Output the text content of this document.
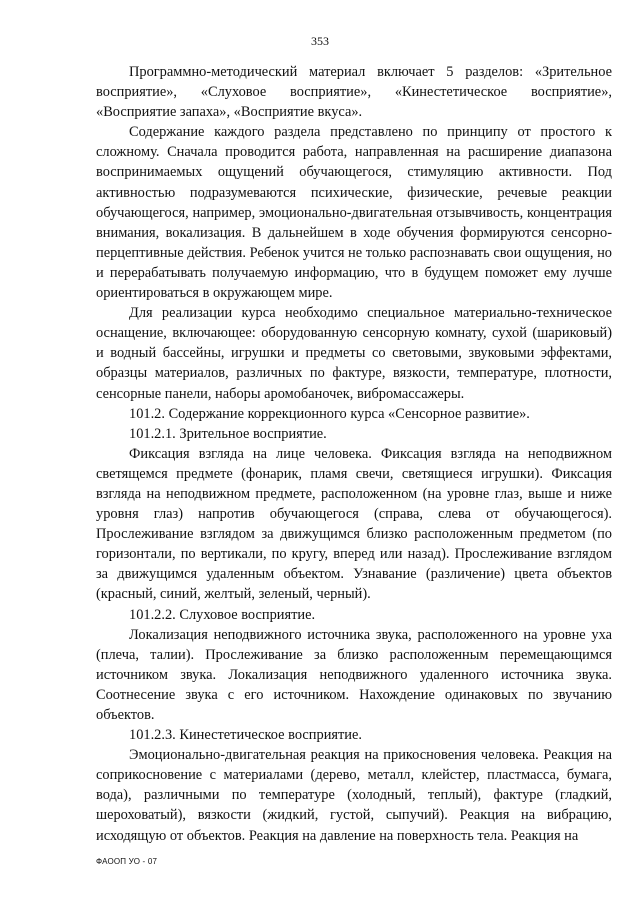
353

Программно-методический материал включает 5 разделов: «Зрительное восприятие», «Слуховое восприятие», «Кинестетическое восприятие», «Восприятие запаха», «Восприятие вкуса».

Содержание каждого раздела представлено по принципу от простого к сложному. Сначала проводится работа, направленная на расширение диапазона воспринимаемых ощущений обучающегося, стимуляцию активности. Под активностью подразумеваются психические, физические, речевые реакции обучающегося, например, эмоционально-двигательная отзывчивость, концентрация внимания, вокализация. В дальнейшем в ходе обучения формируются сенсорно-перцептивные действия. Ребенок учится не только распознавать свои ощущения, но и перерабатывать получаемую информацию, что в будущем поможет ему лучше ориентироваться в окружающем мире.

Для реализации курса необходимо специальное материально-техническое оснащение, включающее: оборудованную сенсорную комнату, сухой (шариковый) и водный бассейны, игрушки и предметы со световыми, звуковыми эффектами, образцы материалов, различных по фактуре, вязкости, температуре, плотности, сенсорные панели, наборы аромобаночек, вибромассажеры.

101.2. Содержание коррекционного курса «Сенсорное развитие».

101.2.1. Зрительное восприятие.

Фиксация взгляда на лице человека. Фиксация взгляда на неподвижном светящемся предмете (фонарик, пламя свечи, светящиеся игрушки). Фиксация взгляда на неподвижном предмете, расположенном (на уровне глаз, выше и ниже уровня глаз) напротив обучающегося (справа, слева от обучающегося). Прослеживание взглядом за движущимся близко расположенным предметом (по горизонтали, по вертикали, по кругу, вперед или назад). Прослеживание взглядом за движущимся удаленным объектом. Узнавание (различение) цвета объектов (красный, синий, желтый, зеленый, черный).

101.2.2. Слуховое восприятие.

Локализация неподвижного источника звука, расположенного на уровне уха (плеча, талии). Прослеживание за близко расположенным перемещающимся источником звука. Локализация неподвижного удаленного источника звука. Соотнесение звука с его источником. Нахождение одинаковых по звучанию объектов.

101.2.3. Кинестетическое восприятие.

Эмоционально-двигательная реакция на прикосновения человека. Реакция на соприкосновение с материалами (дерево, металл, клейстер, пластмасса, бумага, вода), различными по температуре (холодный, теплый), фактуре (гладкий, шероховатый), вязкости (жидкий, густой, сыпучий). Реакция на вибрацию, исходящую от объектов. Реакция на давление на поверхность тела. Реакция на

ФАООП УО - 07
